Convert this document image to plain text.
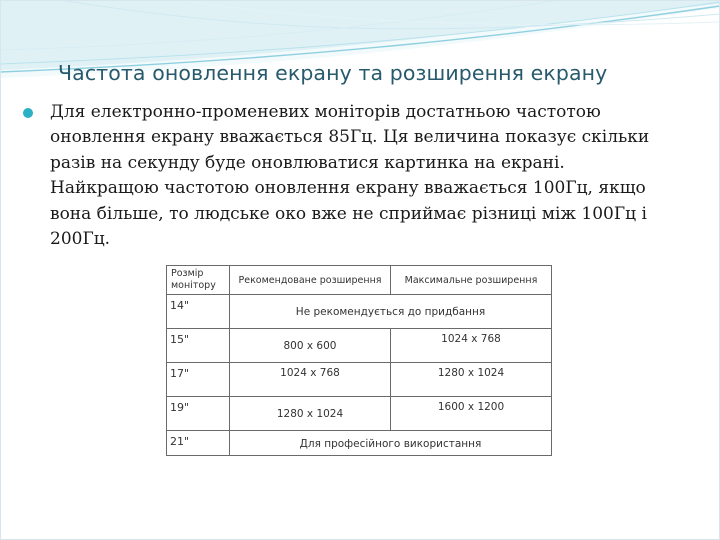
Частота оновлення екрану та розширення екрану
Для електронно-променевих моніторів достатньою частотою оновлення екрану вважається 85Гц. Ця величина показує скільки разів на секунду буде оновлюватися картинка на екрані. Найкращою частотою оновлення екрану вважається 100Гц, якщо вона більше, то людське око вже не сприймає різниці між 100Гц і 200Гц.
Розмір монітору	Рекомендоване розширення	Максимальне розширення
14"	Не рекомендується до придбання	
15"	800 х 600	1024 х 768
17"	1024 х 768	1280 х 1024
19"	1280 х 1024	1600 х 1200
21"	Для професійного використання	
